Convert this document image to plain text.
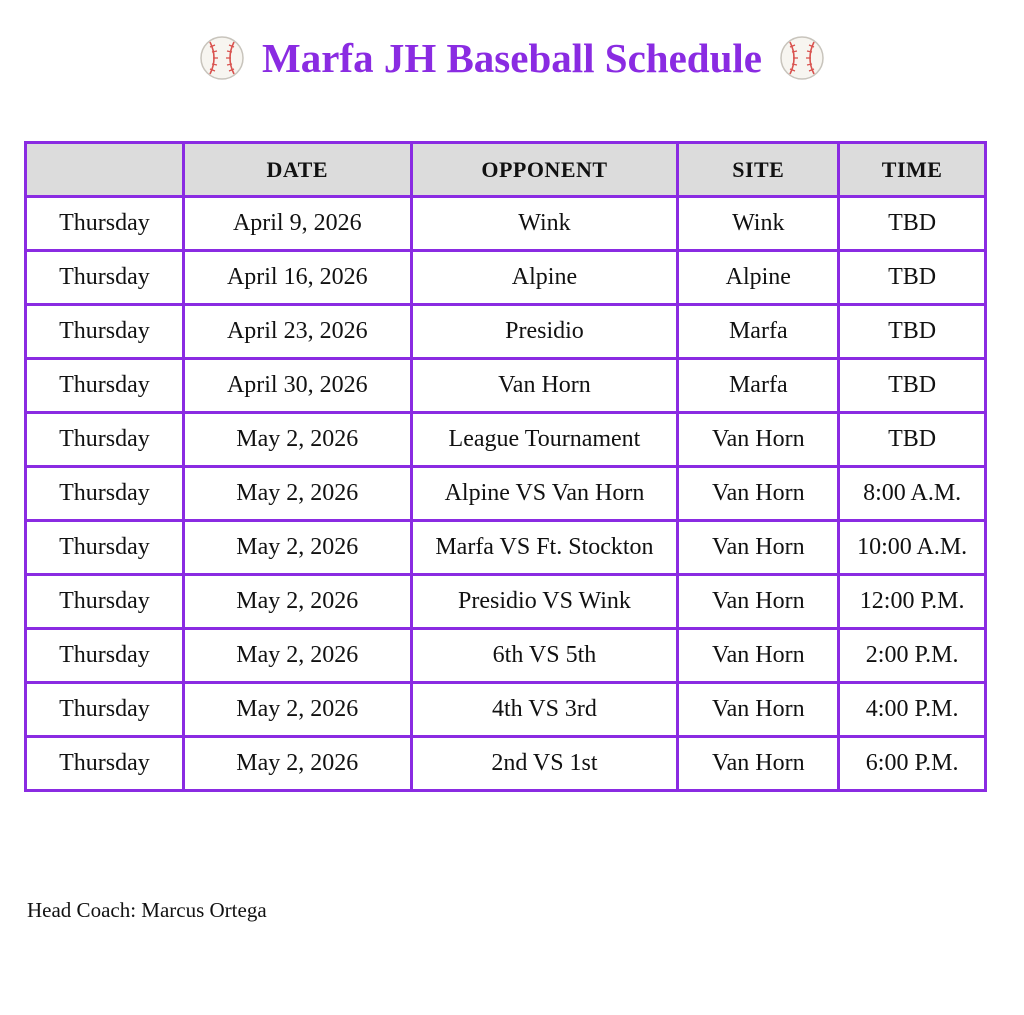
Marfa JH Baseball Schedule
	DATE	OPPONENT	SITE	TIME
Thursday	April 9, 2026	Wink	Wink	TBD
Thursday	April 16, 2026	Alpine	Alpine	TBD
Thursday	April 23, 2026	Presidio	Marfa	TBD
Thursday	April 30, 2026	Van Horn	Marfa	TBD
Thursday	May 2, 2026	League Tournament	Van Horn	TBD
Thursday	May 2, 2026	Alpine VS Van Horn	Van Horn	8:00 A.M.
Thursday	May 2, 2026	Marfa VS Ft. Stockton	Van Horn	10:00 A.M.
Thursday	May 2, 2026	Presidio VS Wink	Van Horn	12:00 P.M.
Thursday	May 2, 2026	6th VS 5th	Van Horn	2:00 P.M.
Thursday	May 2, 2026	4th VS 3rd	Van Horn	4:00 P.M.
Thursday	May 2, 2026	2nd VS 1st	Van Horn	6:00 P.M.
Head Coach: Marcus Ortega
